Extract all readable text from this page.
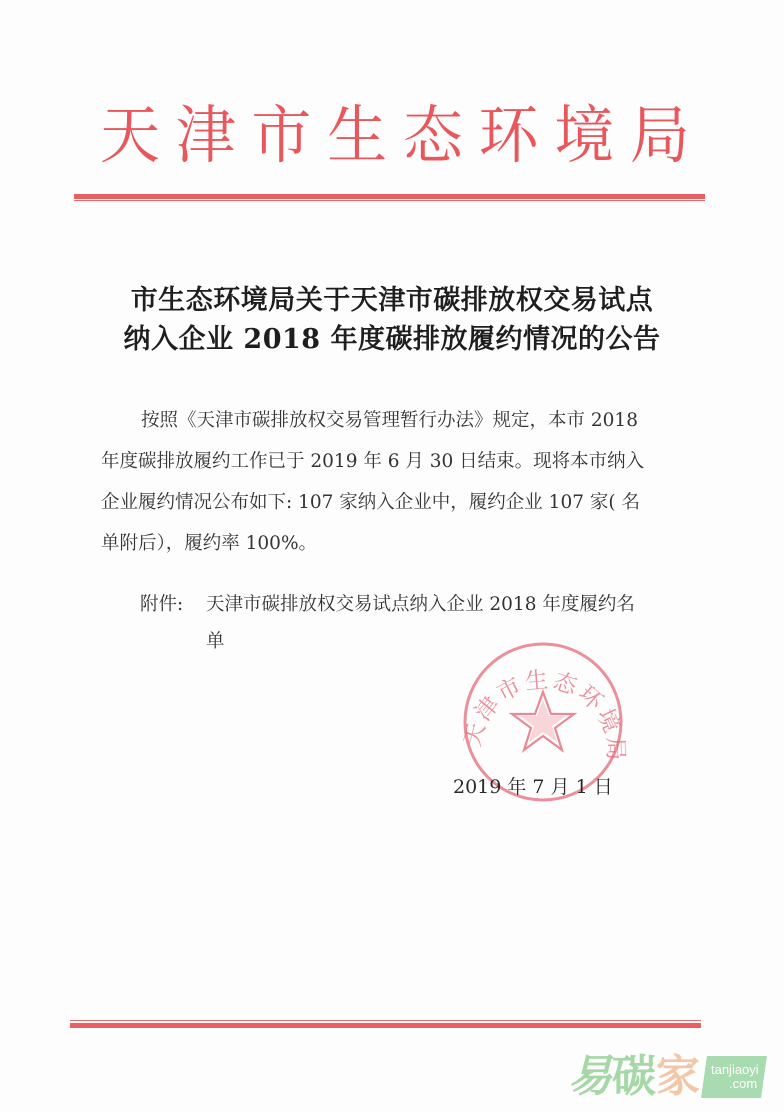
天 津 市 生 态 环 境 局
市生态环境局关于天津市碳排放权交易试点
纳入企业 2018 年度碳排放履约情况的公告
按照《天津市碳排放权交易管理暂行办法》规定，本市 2018
年度碳排放履约工作已于 2019 年 6 月 30 日结束。现将本市纳入
企业履约情况公布如下: 107 家纳入企业中，履约企业 107 家( 名
单附后），履约率 100%。
附件: 天津市碳排放权交易试点纳入企业 2018 年度履约名
单
天津市生态环境局
2019 年 7 月 1 日
易 碳 家 tanjiaoyi
.com
